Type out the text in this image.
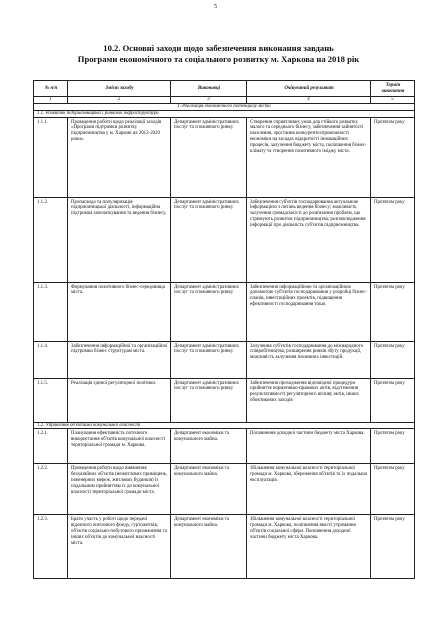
5
10.2. Основні заходи щодо забезпечення виконання завдань
Програми економічного та соціального розвитку м. Харкова на 2018 рік
№ п/п	Зміст заходу	Виконавці	Очікуваний результат	Термін виконання
1	2	3	4	5
1. Реалізація економічного потенціалу міста				
1.1. Розвиток підприємництва і ринкової інфраструктури				
1.1.1.	Проведення роботи щодо реалізації заходів «Програми підтримки розвитку підприємництва у м. Харкові на 2012-2020 роки».	Департамент адміністративних послуг та споживчого ринку	Створення сприятливих умов для стійкого розвитку малого та середнього бізнесу, забезпечення зайнятості населення, зростання конкурентоспроможності економіки на засадах відкритості інноваційних процесів, залучення бюджету міста, поліпшення бізнес-клімату та створення позитивного іміджу міста.	Протягом року
1.1.2.	Пропаганда та популяризація підприємницької діяльності, інформаційна підтримка започаткування та ведення бізнесу.	Департамент адміністративних послуг та споживчого ринку	Забезпечення суб'єктів господарювання актуальною інформацією з питань ведення бізнесу; можливість залучення громадськості до розв'язання проблем, що стримують розвиток підприємництва; розповсюдження інформації про діяльність суб'єктів підприємництва.	Протягом року
1.1.3.	Формування позитивного бізнес-середовища міста.	Департамент адміністративних послуг та споживчого ринку	Забезпечення інформаційною та організаційною допомогою суб'єктів господарювання у розробці бізнес-планів, інвестиційних проектів, підвищення ефективності господарювання тощо.	Протягом року
1.1.4.	Забезпечення інформаційної та організаційної підтримки бізнес структурам міста.	Департамент адміністративних послуг та споживчого ринку	Залучення суб'єктів господарювання до міжнародного співробітництва, розширення ринків збуту продукції, можливість залучення іноземних інвестицій.	Протягом року
1.1.5.	Реалізація єдиної регуляторної політики.	Департамент адміністративних послуг та споживчого ринку	Забезпечення проходження відповідної процедури прийняття нормативно-правових актів, відстеження результативності регуляторного впливу актів, інших обов'язкових заходів	Протягом року
1.2. Управління об'єктами комунальної власності				
1.2.1.	Планування ефективність поточного використання об'єктів комунальної власності територіальної громади м. Харкова.	Департамент економіки та комунального майна.	Поповнення доходної частини бюджету міста Харкова.	Протягом року
1.2.2.	Проведення роботи щодо виявлення безхазяйних об'єктів (нежитлових приміщень, інженерних мереж, житлових будинків) із подальшим прийняттям їх до комунальної власності територіальної громади міста.	Департамент економіки та комунального майна.	Збільшення комунальної власності територіальної громади м. Харкова, збереження об'єктів та їх подальша експлуатація.	Протягом року
1.2.3.	Брати участь у роботі щодо передачі відомчого житлового фонду, гуртожитків, об'єктів соціально-побутового призначення та інших об'єктів до комунальної власності міста.	Департамент економіки та комунального майна.	Збільшення комунальної власності територіальної громади м. Харкова, поліпшення якості утримання об'єктів соціальної сфери. Поповнення доходної частини бюджету міста Харкова.	Протягом року
